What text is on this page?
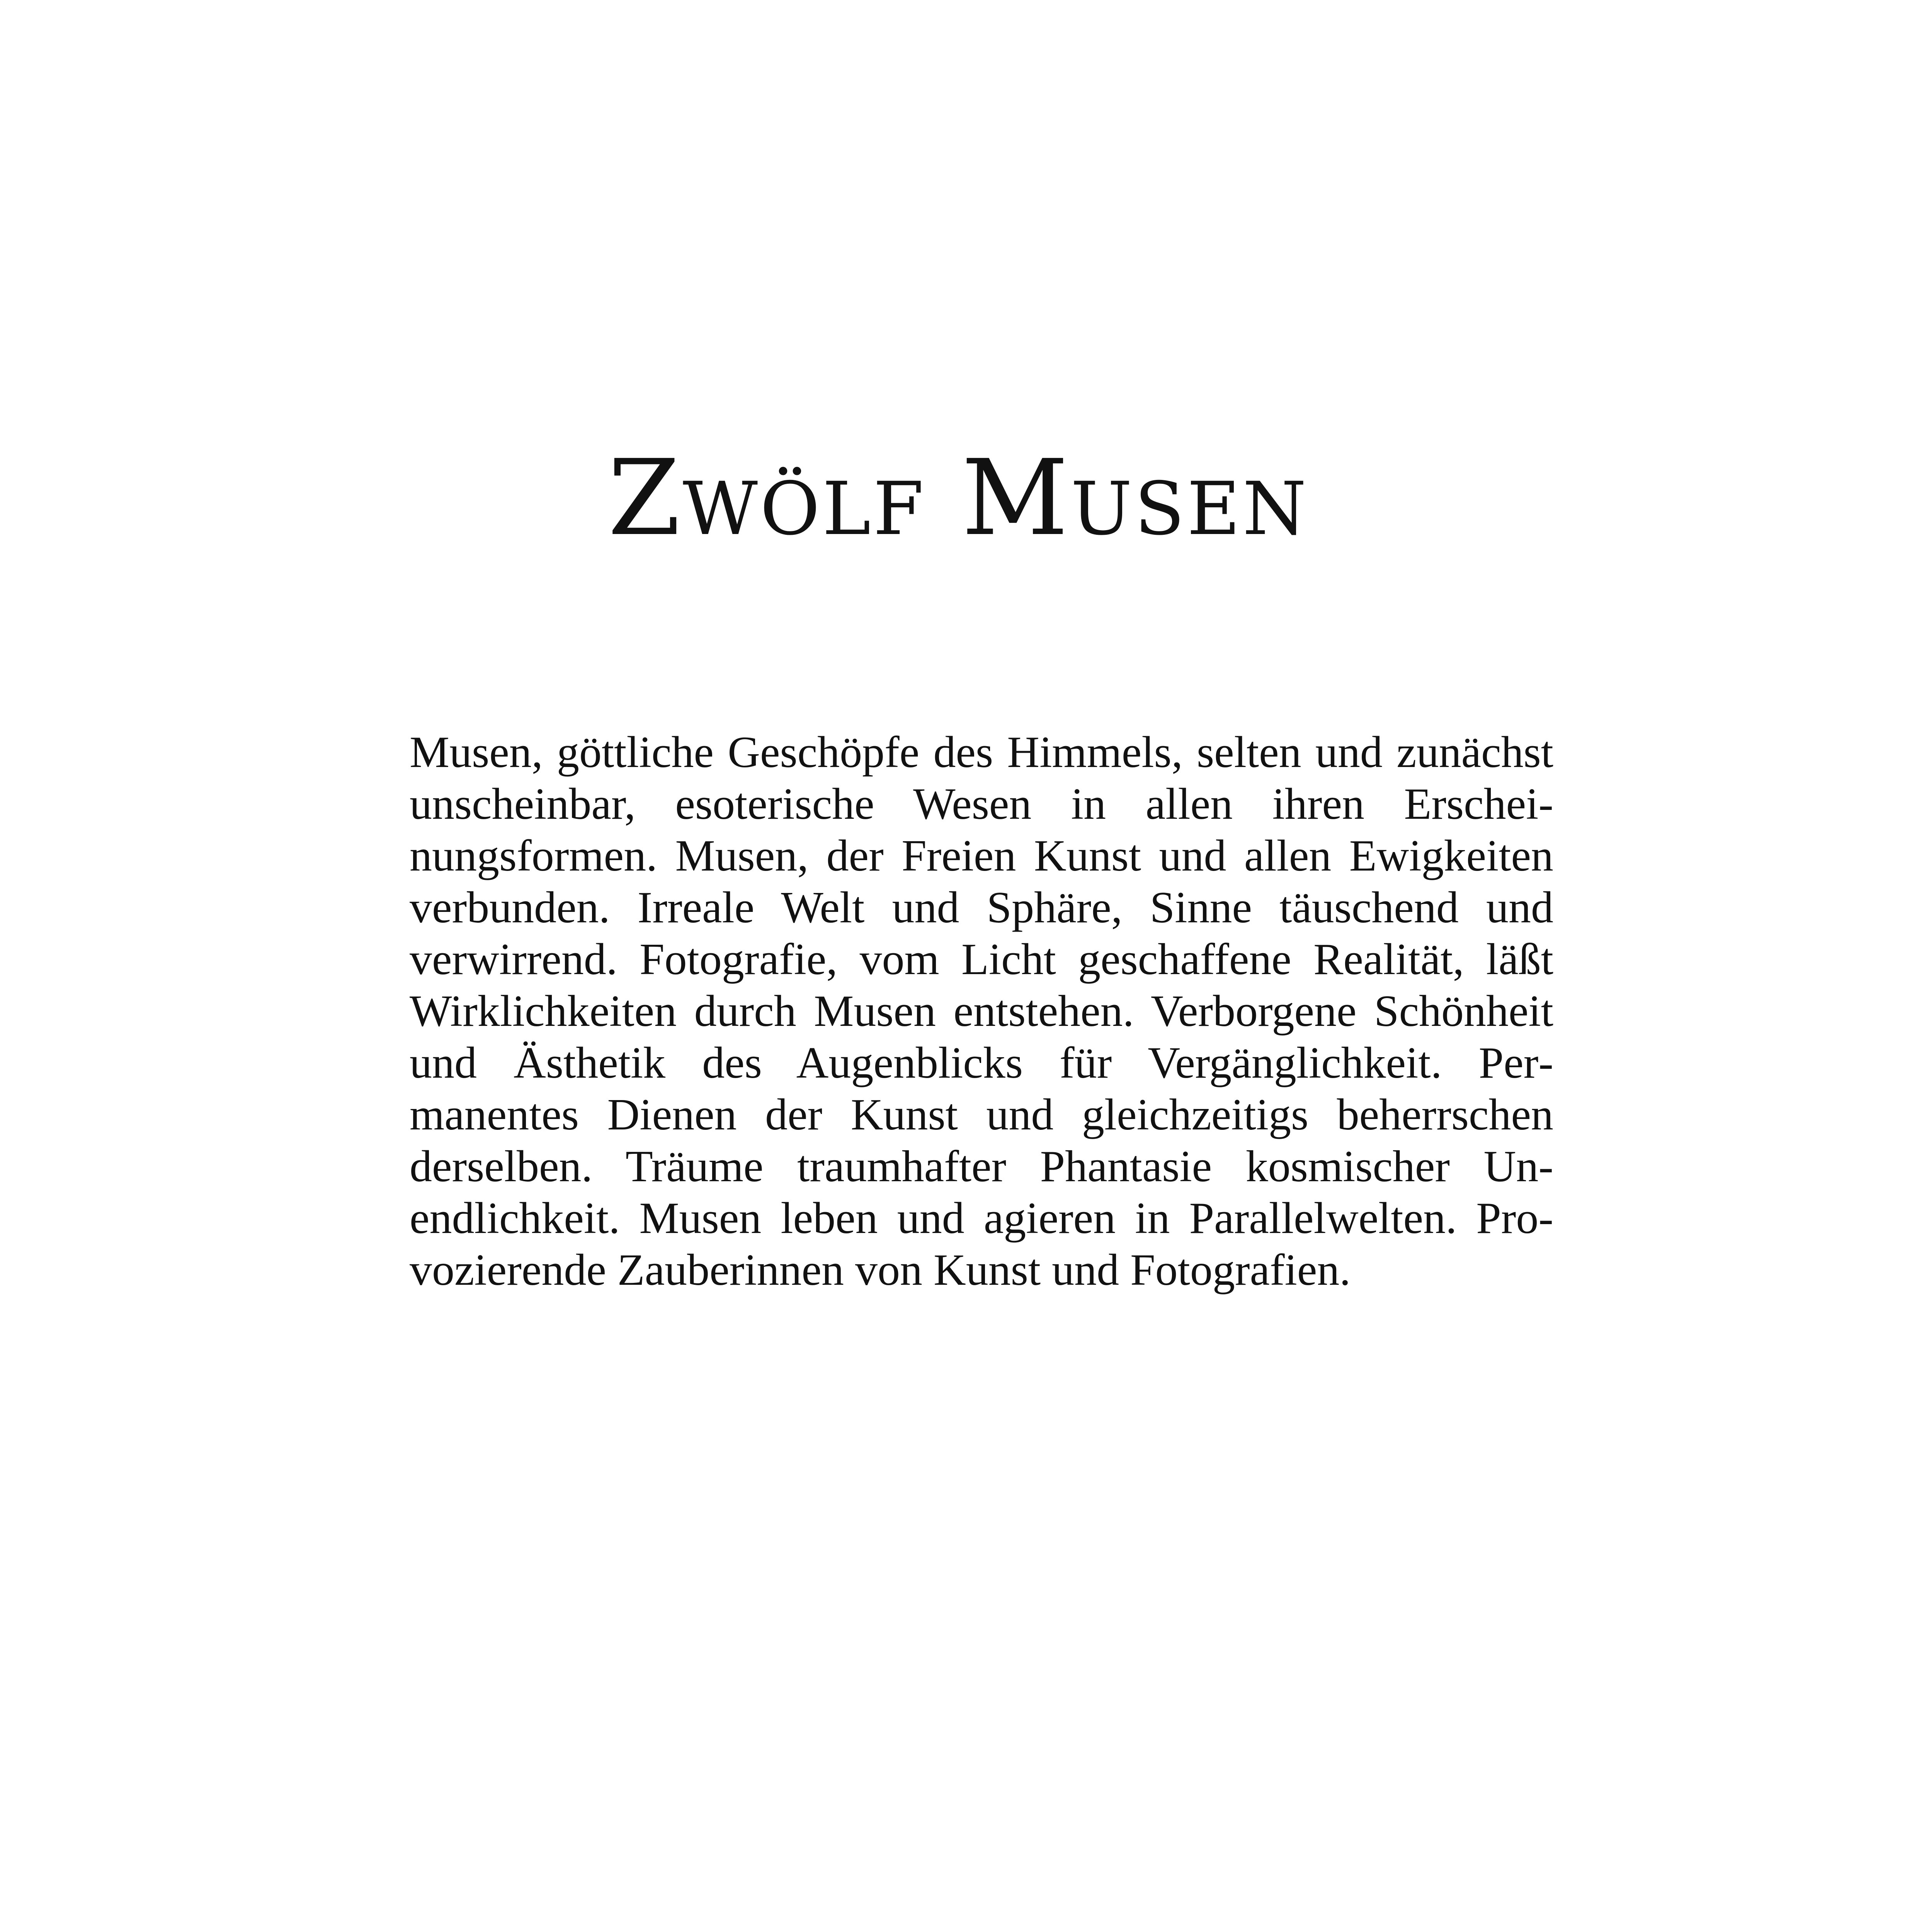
Zwölf Musen

Musen, göttliche Geschöpfe des Himmels, selten und zunächst unscheinbar, esoterische Wesen in allen ihren Erscheinungsformen. Musen, der Freien Kunst und allen Ewigkeiten verbunden. Irreale Welt und Sphäre, Sinne täuschend und verwirrend. Fotografie, vom Licht geschaffene Realität, läßt Wirklichkeiten durch Musen entstehen. Verborgene Schönheit und Ästhetik des Augenblicks für Vergänglichkeit. Permanentes Dienen der Kunst und gleichzeitigs beherrschen derselben. Träume traumhafter Phantasie kosmischer Unendlichkeit. Musen leben und agieren in Parallelwelten. Provozierende Zauberinnen von Kunst und Fotografien.
